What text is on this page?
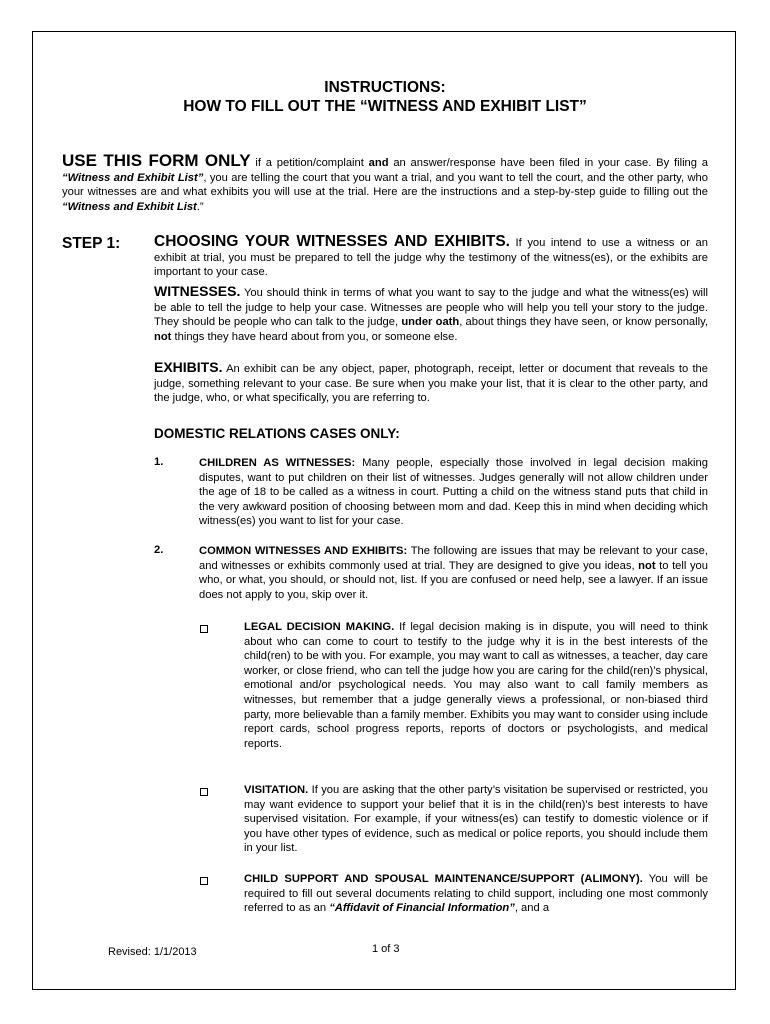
INSTRUCTIONS:
HOW TO FILL OUT THE “WITNESS AND EXHIBIT LIST”
USE THIS FORM ONLY if a petition/complaint and an answer/response have been filed in your case. By filing a “Witness and Exhibit List”, you are telling the court that you want a trial, and you want to tell the court, and the other party, who your witnesses are and what exhibits you will use at the trial. Here are the instructions and a step-by-step guide to filling out the “Witness and Exhibit List.”
STEP 1: CHOOSING YOUR WITNESSES AND EXHIBITS. If you intend to use a witness or an exhibit at trial, you must be prepared to tell the judge why the testimony of the witness(es), or the exhibits are important to your case.
WITNESSES. You should think in terms of what you want to say to the judge and what the witness(es) will be able to tell the judge to help your case. Witnesses are people who will help you tell your story to the judge. They should be people who can talk to the judge, under oath, about things they have seen, or know personally, not things they have heard about from you, or someone else.
EXHIBITS. An exhibit can be any object, paper, photograph, receipt, letter or document that reveals to the judge, something relevant to your case. Be sure when you make your list, that it is clear to the other party, and the judge, who, or what specifically, you are referring to.
DOMESTIC RELATIONS CASES ONLY:
1.	CHILDREN AS WITNESSES: Many people, especially those involved in legal decision making disputes, want to put children on their list of witnesses. Judges generally will not allow children under the age of 18 to be called as a witness in court. Putting a child on the witness stand puts that child in the very awkward position of choosing between mom and dad. Keep this in mind when deciding which witness(es) you want to list for your case.
2.	COMMON WITNESSES AND EXHIBITS: The following are issues that may be relevant to your case, and witnesses or exhibits commonly used at trial. They are designed to give you ideas, not to tell you who, or what, you should, or should not, list. If you are confused or need help, see a lawyer. If an issue does not apply to you, skip over it.
LEGAL DECISION MAKING. If legal decision making is in dispute, you will need to think about who can come to court to testify to the judge why it is in the best interests of the child(ren) to be with you. For example, you may want to call as witnesses, a teacher, day care worker, or close friend, who can tell the judge how you are caring for the child(ren)’s physical, emotional and/or psychological needs. You may also want to call family members as witnesses, but remember that a judge generally views a professional, or non-biased third party, more believable than a family member. Exhibits you may want to consider using include report cards, school progress reports, reports of doctors or psychologists, and medical reports.
VISITATION. If you are asking that the other party’s visitation be supervised or restricted, you may want evidence to support your belief that it is in the child(ren)’s best interests to have supervised visitation. For example, if your witness(es) can testify to domestic violence or if you have other types of evidence, such as medical or police reports, you should include them in your list.
CHILD SUPPORT AND SPOUSAL MAINTENANCE/SUPPORT (ALIMONY). You will be required to fill out several documents relating to child support, including one most commonly referred to as an “Affidavit of Financial Information”, and a
Revised: 1/1/2013	1 of 3
